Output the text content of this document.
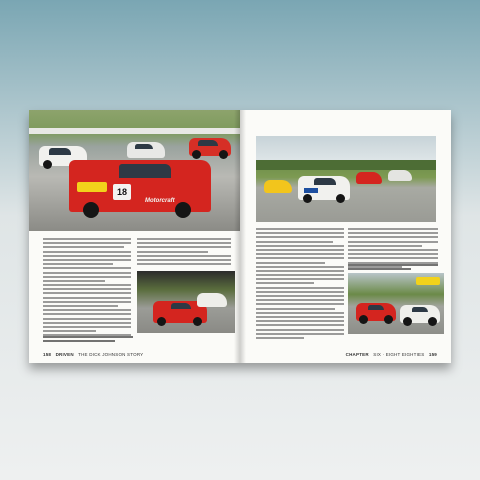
18
Motorcraft
158 DRIVEN THE DICK JOHNSON STORY	CHAPTER SIX · EIGHT EIGHTIES 159
